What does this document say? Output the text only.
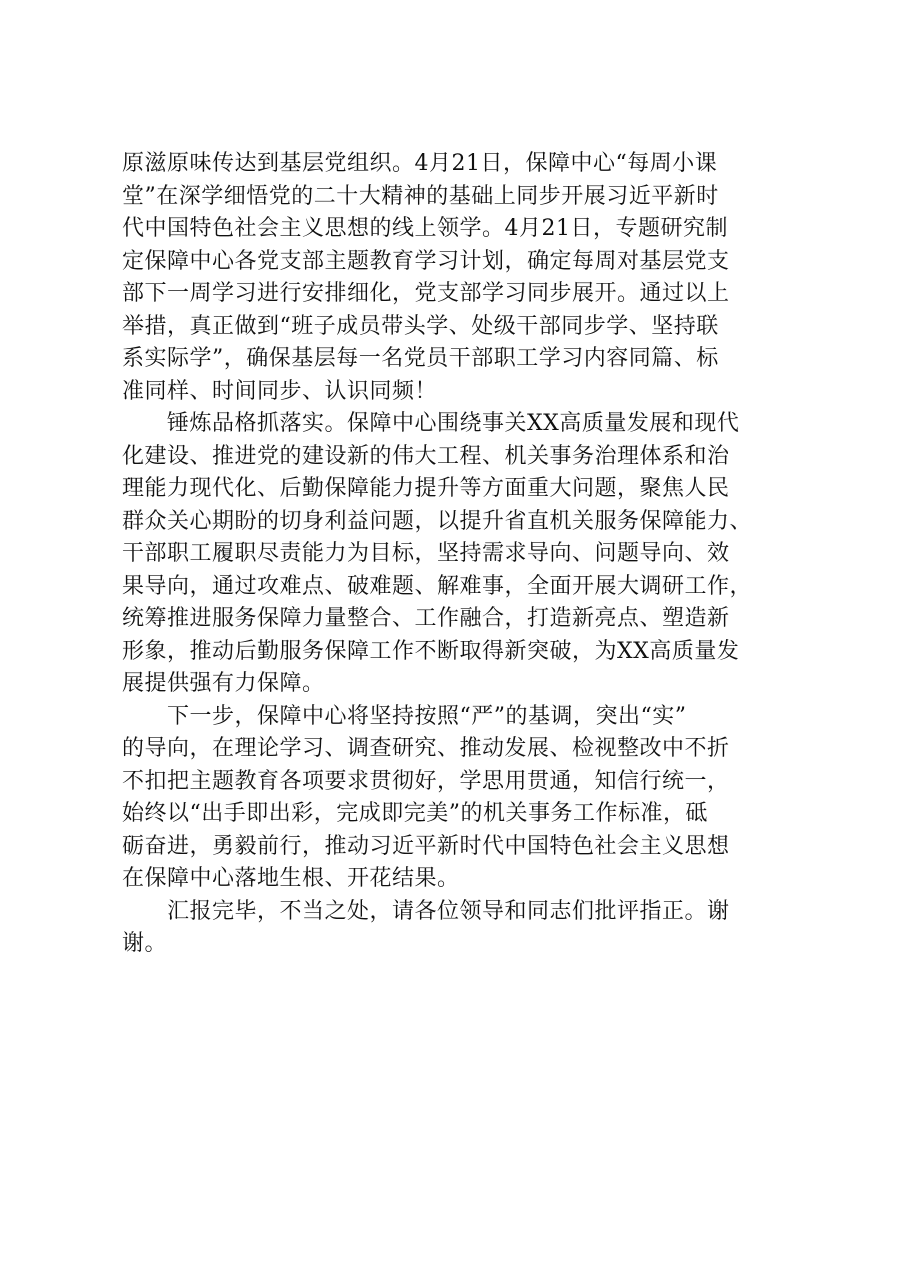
原滋原味传达到基层党组织。4月21日，保障中心“每周小课
堂”在深学细悟党的二十大精神的基础上同步开展习近平新时
代中国特色社会主义思想的线上领学。4月21日，专题研究制
定保障中心各党支部主题教育学习计划，确定每周对基层党支
部下一周学习进行安排细化，党支部学习同步展开。通过以上
举措，真正做到“班子成员带头学、处级干部同步学、坚持联
系实际学”，确保基层每一名党员干部职工学习内容同篇、标
准同样、时间同步、认识同频！
　　锤炼品格抓落实。保障中心围绕事关XX高质量发展和现代
化建设、推进党的建设新的伟大工程、机关事务治理体系和治
理能力现代化、后勤保障能力提升等方面重大问题，聚焦人民
群众关心期盼的切身利益问题，以提升省直机关服务保障能力、
干部职工履职尽责能力为目标，坚持需求导向、问题导向、效
果导向，通过攻难点、破难题、解难事，全面开展大调研工作，
统筹推进服务保障力量整合、工作融合，打造新亮点、塑造新
形象，推动后勤服务保障工作不断取得新突破，为XX高质量发
展提供强有力保障。
　　下一步，保障中心将坚持按照“严”的基调，突出“实”
的导向，在理论学习、调查研究、推动发展、检视整改中不折
不扣把主题教育各项要求贯彻好，学思用贯通，知信行统一，
始终以“出手即出彩，完成即完美”的机关事务工作标准，砥
砺奋进，勇毅前行，推动习近平新时代中国特色社会主义思想
在保障中心落地生根、开花结果。
　　汇报完毕，不当之处，请各位领导和同志们批评指正。谢
谢。
